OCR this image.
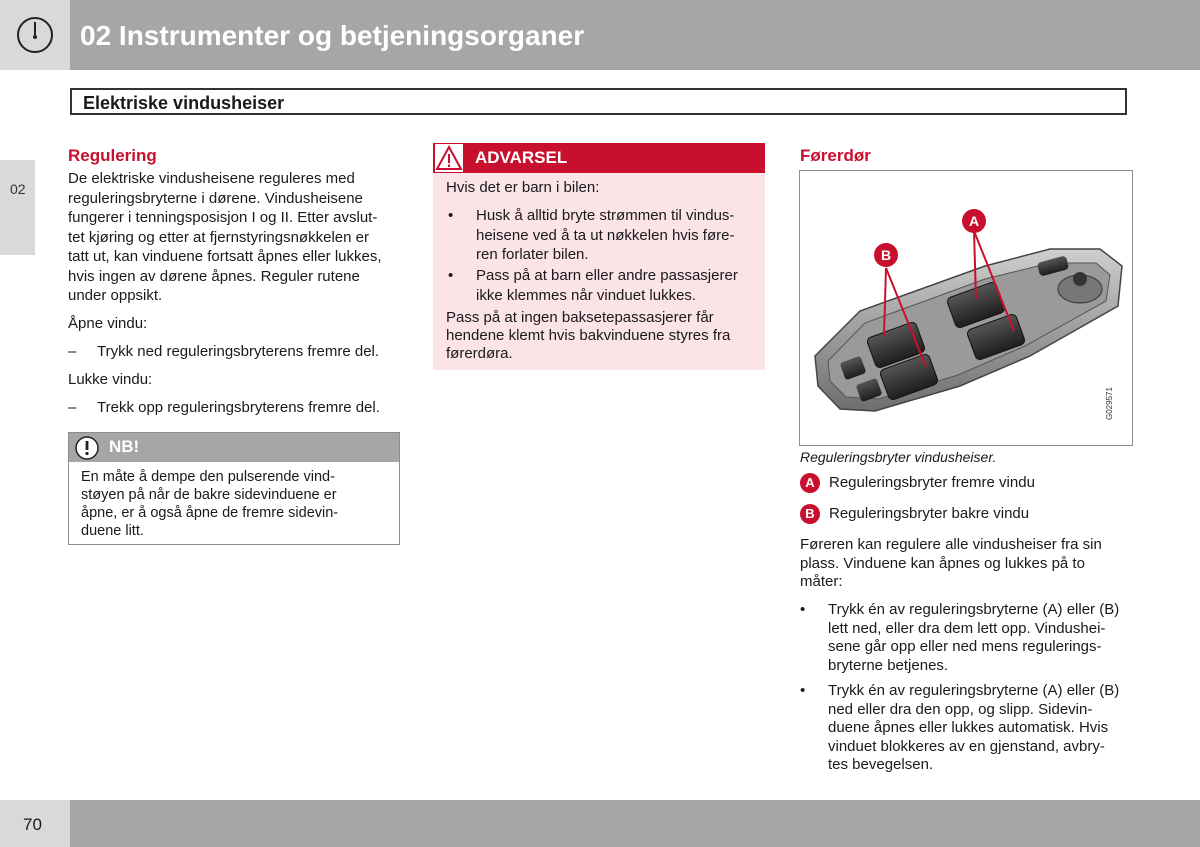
02 Instrumenter og betjeningsorganer
Elektriske vindusheiser
02
Regulering
De elektriske vindusheisene reguleres med
reguleringsbryterne i dørene. Vindusheisene
fungerer i tenningsposisjon I og II. Etter avslut-
tet kjøring og etter at fjernstyringsnøkkelen er
tatt ut, kan vinduene fortsatt åpnes eller lukkes,
hvis ingen av dørene åpnes. Reguler rutene
under oppsikt.
Åpne vindu:
– Trykk ned reguleringsbryterens fremre del.
Lukke vindu:
– Trekk opp reguleringsbryterens fremre del.
NB!
En måte å dempe den pulserende vind-
støyen på når de bakre sidevinduene er
åpne, er å også åpne de fremre sidevin-
duene litt.
ADVARSEL
Hvis det er barn i bilen:
• Husk å alltid bryte strømmen til vindus-
heisene ved å ta ut nøkkelen hvis føre-
ren forlater bilen.
• Pass på at barn eller andre passasjerer
ikke klemmes når vinduet lukkes.
Pass på at ingen baksetepassasjerer får
hendene klemt hvis bakvinduene styres fra
førerdøra.
Førerdør
A
B
G029571
Reguleringsbryter vindusheiser.
A Reguleringsbryter fremre vindu
B Reguleringsbryter bakre vindu
Føreren kan regulere alle vindusheiser fra sin
plass. Vinduene kan åpnes og lukkes på to
måter:
• Trykk én av reguleringsbryterne (A) eller (B)
lett ned, eller dra dem lett opp. Vindushei-
sene går opp eller ned mens regulerings-
bryterne betjenes.
• Trykk én av reguleringsbryterne (A) eller (B)
ned eller dra den opp, og slipp. Sidevin-
duene åpnes eller lukkes automatisk. Hvis
vinduet blokkeres av en gjenstand, avbry-
tes bevegelsen.
70
